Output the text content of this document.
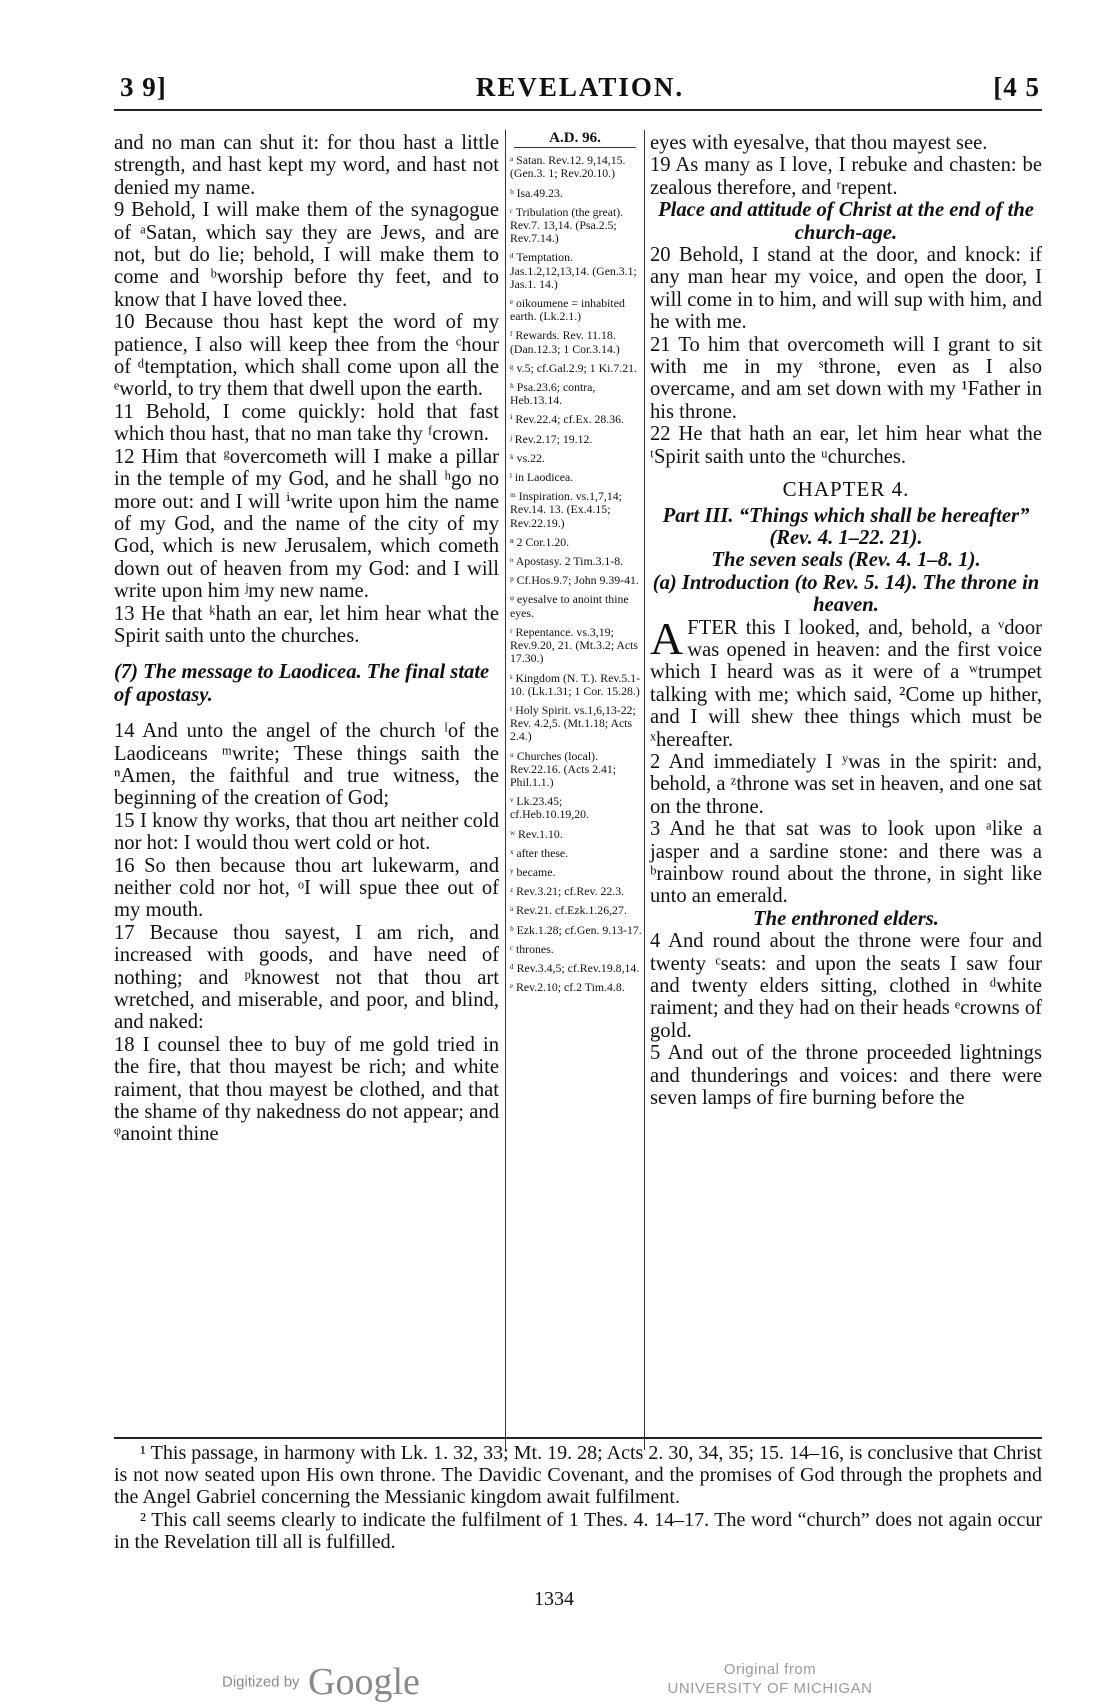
3 9]	REVELATION.	[4 5

and no man can shut it: for thou hast a little strength, and hast kept my word, and hast not denied my name.

9 Behold, I will make them of the synagogue of ᵃSatan, which say they are Jews, and are not, but do lie; behold, I will make them to come and ᵇworship before thy feet, and to know that I have loved thee.

10 Because thou hast kept the word of my patience, I also will keep thee from the ᶜhour of ᵈtemptation, which shall come upon all the ᵉworld, to try them that dwell upon the earth.

11 Behold, I come quickly: hold that fast which thou hast, that no man take thy ᶠcrown.

12 Him that ᵍovercometh will I make a pillar in the temple of my God, and he shall ʰgo no more out: and I will ⁱwrite upon him the name of my God, and the name of the city of my God, which is new Jerusalem, which cometh down out of heaven from my God: and I will write upon him ʲmy new name.

13 He that ᵏhath an ear, let him hear what the Spirit saith unto the churches.

(7) The message to Laodicea. The final state of apostasy.

14 And unto the angel of the church ˡof the Laodiceans ᵐwrite; These things saith the ⁿAmen, the faithful and true witness, the beginning of the creation of God;

15 I know thy works, that thou art neither cold nor hot: I would thou wert cold or hot.

16 So then because thou art lukewarm, and neither cold nor hot, ᵒI will spue thee out of my mouth.

17 Because thou sayest, I am rich, and increased with goods, and have need of nothing; and ᵖknowest not that thou art wretched, and miserable, and poor, and blind, and naked:

18 I counsel thee to buy of me gold tried in the fire, that thou mayest be rich; and white raiment, that thou mayest be clothed, and that the shame of thy nakedness do not appear; and ᵠanoint thine

A.D. 96.
ᵃ Satan. Rev.12. 9,14,15. (Gen.3. 1; Rev.20.10.)
ᵇ Isa.49.23.
ᶜ Tribulation (the great). Rev.7. 13,14. (Psa.2.5; Rev.7.14.)
ᵈ Temptation. Jas.1.2,12,13,14. (Gen.3.1; Jas.1. 14.)
ᵉ oikoumene = inhabited earth. (Lk.2.1.)
ᶠ Rewards. Rev. 11.18. (Dan.12.3; 1 Cor.3.14.)
ᵍ v.5; cf.Gal.2.9; 1 Ki.7.21.
ʰ Psa.23.6; contra, Heb.13.14.
ⁱ Rev.22.4; cf.Ex. 28.36.
ʲ Rev.2.17; 19.12.
ᵏ vs.22.
ˡ in Laodicea.
ᵐ Inspiration. vs.1,7,14; Rev.14. 13. (Ex.4.15; Rev.22.19.)
ⁿ 2 Cor.1.20.
ᵒ Apostasy. 2 Tim.3.1-8.
ᵖ Cf.Hos.9.7; John 9.39-41.
ᵠ eyesalve to anoint thine eyes.
ʳ Repentance. vs.3,19; Rev.9.20, 21. (Mt.3.2; Acts 17.30.)
ˢ Kingdom (N. T.). Rev.5.1-10. (Lk.1.31; 1 Cor. 15.28.)
ᵗ Holy Spirit. vs.1,6,13-22; Rev. 4.2,5. (Mt.1.18; Acts 2.4.)
ᵘ Churches (local). Rev.22.16. (Acts 2.41; Phil.1.1.)
ᵛ Lk.23.45; cf.Heb.10.19,20.
ʷ Rev.1.10.
ˣ after these.
ʸ became.
ᶻ Rev.3.21; cf.Rev. 22.3.
ᵃ Rev.21. cf.Ezk.1.26,27.
ᵇ Ezk.1.28; cf.Gen. 9.13-17.
ᶜ thrones.
ᵈ Rev.3.4,5; cf.Rev.19.8,14.
ᵉ Rev.2.10; cf.2 Tim.4.8.

eyes with eyesalve, that thou mayest see.

19 As many as I love, I rebuke and chasten: be zealous therefore, and ʳrepent.

Place and attitude of Christ at the end of the church-age.

20 Behold, I stand at the door, and knock: if any man hear my voice, and open the door, I will come in to him, and will sup with him, and he with me.

21 To him that overcometh will I grant to sit with me in my ˢthrone, even as I also overcame, and am set down with my ¹Father in his throne.

22 He that hath an ear, let him hear what the ᵗSpirit saith unto the ᵘchurches.

CHAPTER 4.

Part III. “Things which shall be hereafter” (Rev. 4. 1–22. 21).

The seven seals (Rev. 4. 1–8. 1).

(a) Introduction (to Rev. 5. 14). The throne in heaven.

AFTER this I looked, and, behold, a ᵛdoor was opened in heaven: and the first voice which I heard was as it were of a ʷtrumpet talking with me; which said, ²Come up hither, and I will shew thee things which must be ˣhereafter.

2 And immediately I ʸwas in the spirit: and, behold, a ᶻthrone was set in heaven, and one sat on the throne.

3 And he that sat was to look upon ᵃlike a jasper and a sardine stone: and there was a ᵇrainbow round about the throne, in sight like unto an emerald.

The enthroned elders.

4 And round about the throne were four and twenty ᶜseats: and upon the seats I saw four and twenty elders sitting, clothed in ᵈwhite raiment; and they had on their heads ᵉcrowns of gold.

5 And out of the throne proceeded lightnings and thunderings and voices: and there were seven lamps of fire burning before the

¹ This passage, in harmony with Lk. 1. 32, 33; Mt. 19. 28; Acts 2. 30, 34, 35; 15. 14–16, is conclusive that Christ is not now seated upon His own throne. The Davidic Covenant, and the promises of God through the prophets and the Angel Gabriel concerning the Messianic kingdom await fulfilment.

² This call seems clearly to indicate the fulfilment of 1 Thes. 4. 14–17. The word “church” does not again occur in the Revelation till all is fulfilled.

1334
Digitized by Google	Original from
UNIVERSITY OF MICHIGAN
